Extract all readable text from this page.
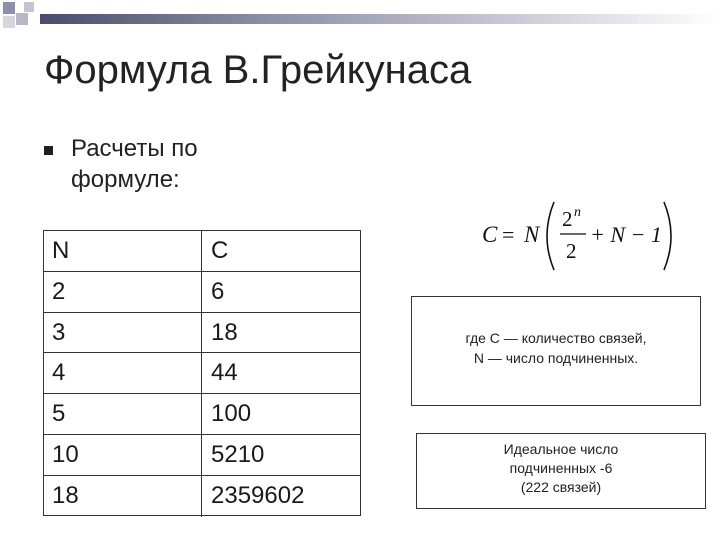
Формула В.Грейкунаса
Расчеты по
формуле:
N	C
2	6
3	18
4	44
5	100
10	5210
18	2359602
C = N
2 n
2
+ N − 1
где С — количество связей,
N — число подчиненных.
Идеальное число
подчиненных -6
(222 связей)
